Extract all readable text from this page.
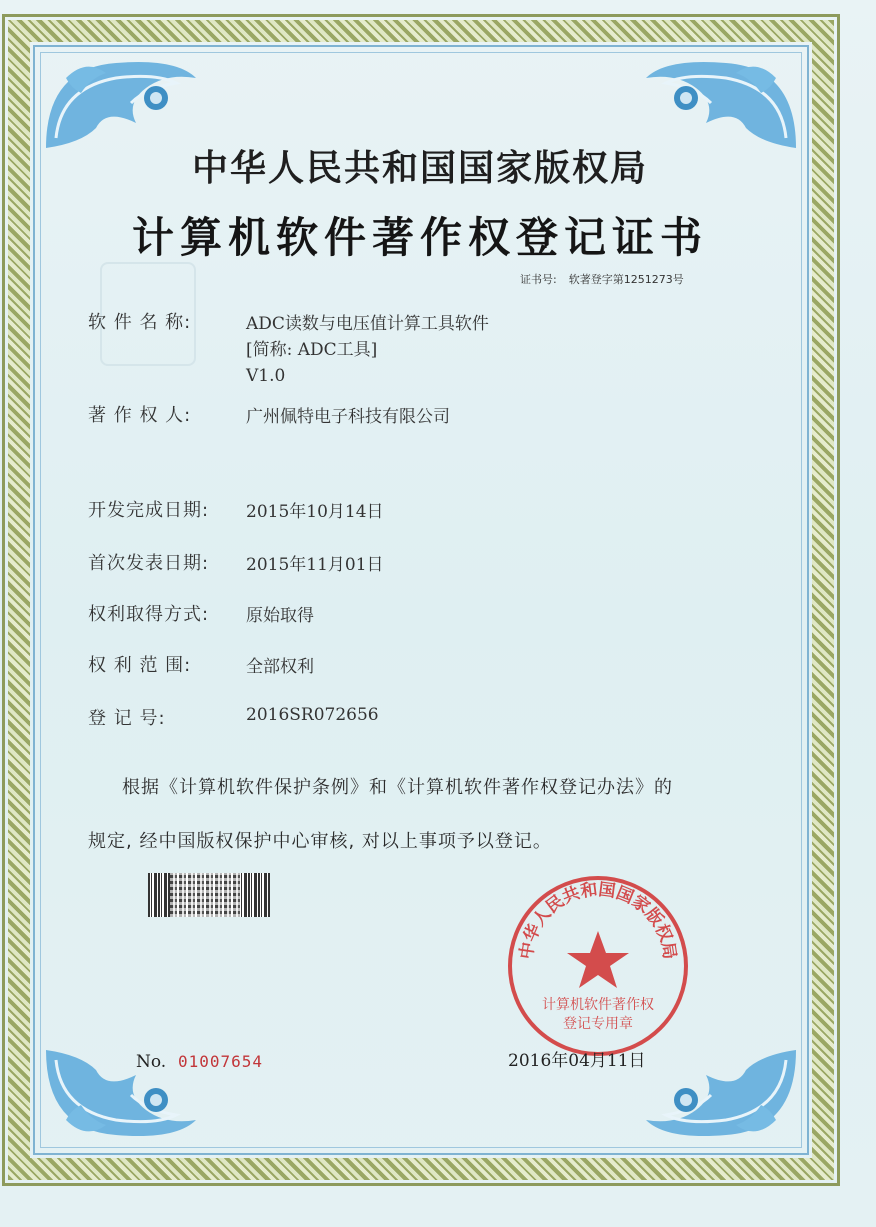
中华人民共和国国家版权局
计算机软件著作权登记证书
证书号: 软著登字第1251273号
软 件 名 称:	ADC读数与电压值计算工具软件
[简称: ADC工具]
V1.0
著 作 权 人:	广州佩特电子科技有限公司
开发完成日期: 2015年10月14日
首次发表日期: 2015年11月01日
权利取得方式: 原始取得
权 利 范 围:	全部权利
登 记 号:	2016SR072656
根据《计算机软件保护条例》和《计算机软件著作权登记办法》的
规定, 经中国版权保护中心审核, 对以上事项予以登记。
No. 01007654
中华人民共和国国家版权局
计算机软件著作权
登记专用章
2016年04月11日
